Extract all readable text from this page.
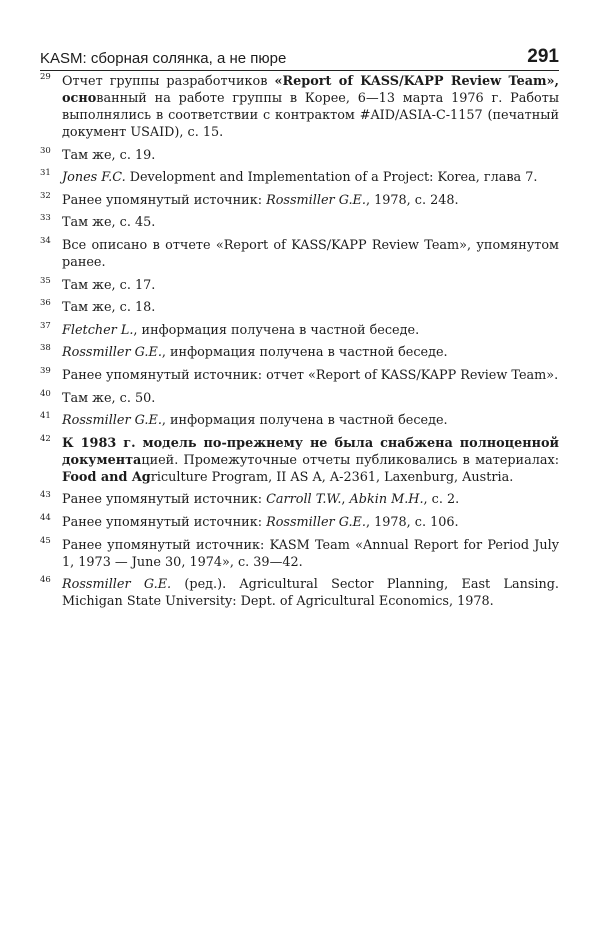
KASM: сборная солянка, а не пюре	291
29 Отчет группы разработчиков «Report of KASS/KAPP Review Team», основанный на работе группы в Корее, 6—13 марта 1976 г. Работы выполнялись в соответствии с контрактом #AID/ASIA-C-1157 (печатный документ USAID), с. 15.
30 Там же, с. 19.
31 Jones F.C. Development and Implementation of a Project: Korea, глава 7.
32 Ранее упомянутый источник: Rossmiller G.E., 1978, с. 248.
33 Там же, с. 45.
34 Все описано в отчете «Report of KASS/KAPP Review Team», упомянутом ранее.
35 Там же, с. 17.
36 Там же, с. 18.
37 Fletcher L., информация получена в частной беседе.
38 Rossmiller G.E., информация получена в частной беседе.
39 Ранее упомянутый источник: отчет «Report of KASS/KAPP Review Team».
40 Там же, с. 50.
41 Rossmiller G.E., информация получена в частной беседе.
42 К 1983 г. модель по-прежнему не была снабжена полноценной документацией. Промежуточные отчеты публиковались в материалах: Food and Agriculture Program, II AS A, A-2361, Laxenburg, Austria.
43 Ранее упомянутый источник: Carroll T.W., Abkin M.H., с. 2.
44 Ранее упомянутый источник: Rossmiller G.E., 1978, с. 106.
45 Ранее упомянутый источник: KASM Team «Annual Report for Period July 1, 1973 — June 30, 1974», с. 39—42.
46 Rossmiller G.E. (ред.). Agricultural Sector Planning, East Lansing. Michigan State University: Dept. of Agricultural Economics, 1978.
